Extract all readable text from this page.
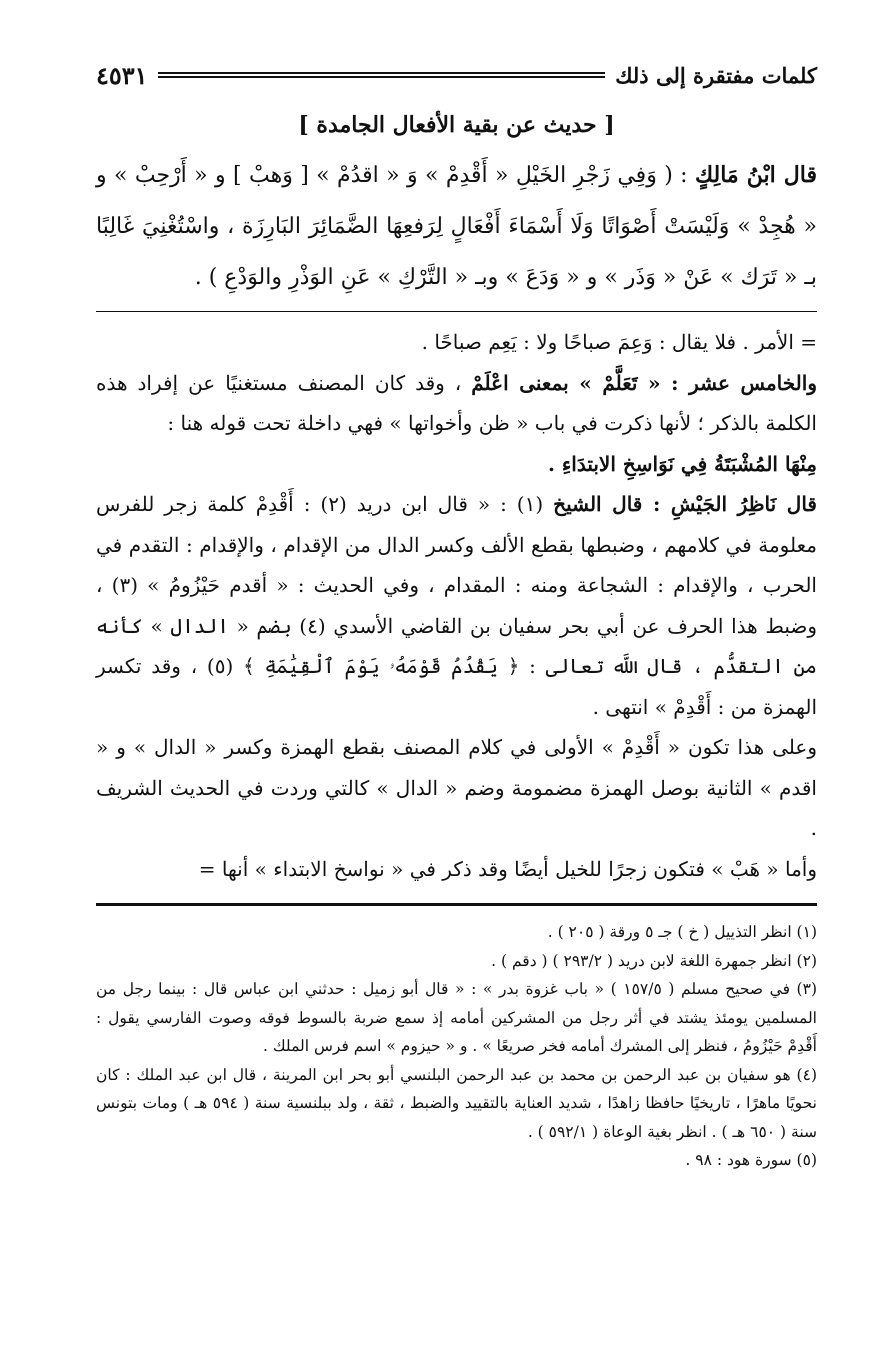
كلمات مفتقرة إلى ذلك
٤٥٣١
[ حديث عن بقية الأفعال الجامدة ]

قال ابْنُ مَالِكٍ : ( وَفِي زَجْرِ الخَيْلِ « أَقْدِمْ » وَ « اقدُمْ » [ وَهبْ ] و « أَرْحِبْ » و « هُجِدْ » وَلَيْسَتْ أَصْوَاتًا وَلَا أَسْمَاءَ أَفْعَالٍ لِرَفعِهَا الضَّمَائِرَ البَارِزَة ، واسْتُغْنِيَ غَالِبًا بـ « تَرَك » عَنْ « وَذَر » و « وَدَعَ » وبـ « التَّرْكِ » عَنِ الوَذْرِ والوَدْعِ ) .

= الأمر . فلا يقال : وَعِمَ صباحًا ولا : يَعِم صباحًا .

والخامس عشر : « تَعَلَّمْ » بمعنى اعْلَمْ ، وقد كان المصنف مستغنيًا عن إفراد هذه الكلمة بالذكر ؛ لأنها ذكرت في باب « ظن وأخواتها » فهي داخلة تحت قوله هنا :

مِنْهَا المُشْبَتَةُ فِي نَوَاسِخِ الابتدَاءِ .

قال نَاظِرُ الجَيْشِ : قال الشيخ (١) : « قال ابن دريد (٢) : أَقْدِمْ كلمة زجر للفرس معلومة في كلامهم ، وضبطها بقطع الألف وكسر الدال من الإقدام ، والإقدام : التقدم في الحرب ، والإقدام : الشجاعة ومنه : المقدام ، وفي الحديث : « أقدم حَيْزُومُ » (٣) ، وضبط هذا الحرف عن أبي بحر سفيان بن القاضي الأسدي (٤) بضم « الدال » كأنه من التقدُّم ، قال اللَّه تعالى : ﴿ يَقْدُمُ قَوْمَهُۥ يَوْمَ ٱلْقِيَٰمَةِ ﴾ (٥) ، وقد تكسر الهمزة من : أَقْدِمْ » انتهى .

وعلى هذا تكون « أَقْدِمْ » الأولى في كلام المصنف بقطع الهمزة وكسر « الدال » و « اقدم » الثانية بوصل الهمزة مضمومة وضم « الدال » كالتي وردت في الحديث الشريف .

وأما « هَبْ » فتكون زجرًا للخيل أيضًا وقد ذكر في « نواسخ الابتداء » أنها =

(١) انظر التذييل ( خ ) جـ ٥ ورقة ( ٢٠٥ ) .

(٢) انظر جمهرة اللغة لابن دريد ( ٢٩٣/٢ ) ( دقم ) .

(٣) في صحيح مسلم ( ١٥٧/٥ ) « باب غزوة بدر » : « قال أبو زميل : حدثني ابن عباس قال : بينما رجل من المسلمين يومئذ يشتد في أثر رجل من المشركين أمامه إذ سمع ضربة بالسوط فوقه وصوت الفارسي يقول : أَقْدِمْ حَيْزُومُ ، فنظر إلى المشرك أمامه فخر صريعًا » . و « حيزوم » اسم فرس الملك .

(٤) هو سفيان بن عبد الرحمن بن محمد بن عبد الرحمن البلنسي أبو بحر ابن المرينة ، قال ابن عبد الملك : كان نحويًا ماهرًا ، تاريخيًا حافظا زاهدًا ، شديد العناية بالتقييد والضبط ، ثقة ، ولد ببلنسية سنة ( ٥٩٤ هـ ) ومات بتونس سنة ( ٦٥٠ هـ ) . انظر بغية الوعاة ( ٥٩٢/١ ) .

(٥) سورة هود : ٩٨ .
